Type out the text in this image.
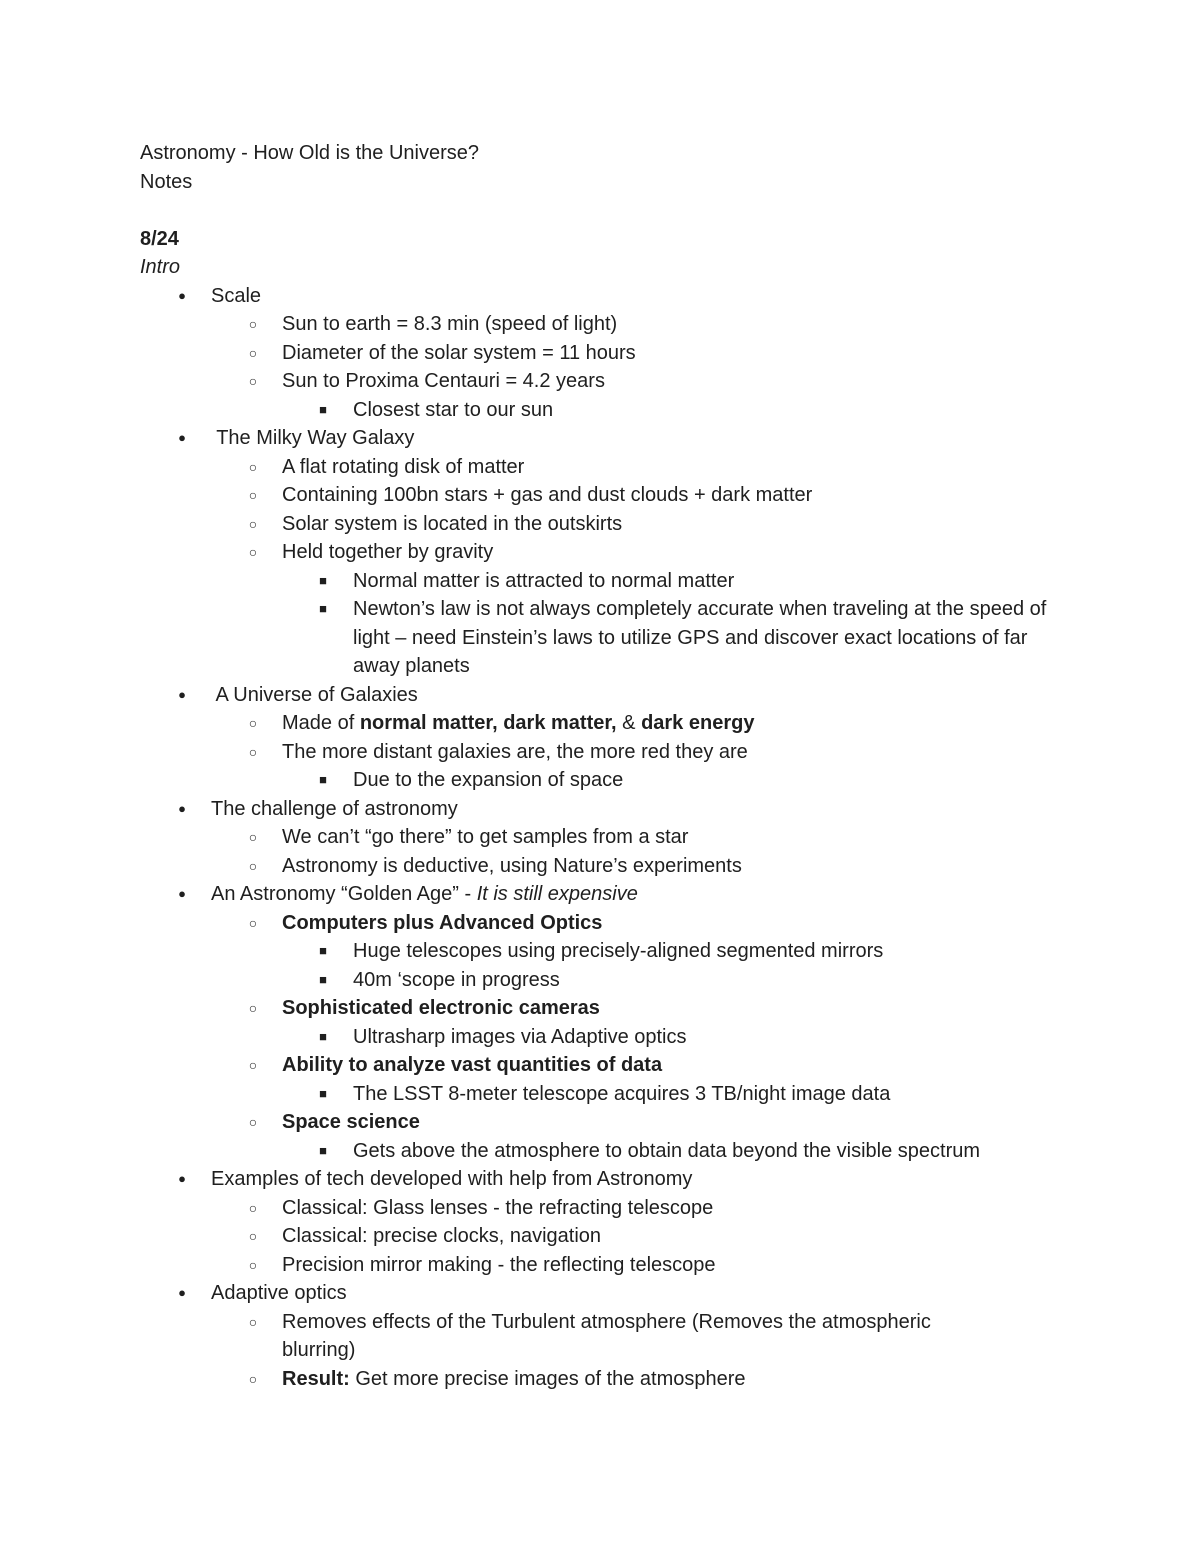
Astronomy - How Old is the Universe?

Notes

8/24

Intro

●	Scale
○ Sun to earth = 8.3 min (speed of light)
○ Diameter of the solar system = 11 hours
○ Sun to Proxima Centauri = 4.2 years
■	Closest star to our sun
●	The Milky Way Galaxy
○ A flat rotating disk of matter
○ Containing 100bn stars + gas and dust clouds + dark matter
○ Solar system is located in the outskirts
○ Held together by gravity
■	Normal matter is attracted to normal matter
■	Newton’s law is not always completely accurate when traveling at the speed of light – need Einstein’s laws to utilize GPS and discover exact locations of far away planets
●	A Universe of Galaxies
○ Made of normal matter, dark matter, & dark energy
○ The more distant galaxies are, the more red they are
■	Due to the expansion of space
●	The challenge of astronomy
○ We can’t “go there” to get samples from a star
○ Astronomy is deductive, using Nature’s experiments
●	An Astronomy “Golden Age” - It is still expensive
○ Computers plus Advanced Optics
■	Huge telescopes using precisely-aligned segmented mirrors
■	40m ‘scope in progress
○ Sophisticated electronic cameras
■	Ultrasharp images via Adaptive optics
○ Ability to analyze vast quantities of data
■	The LSST 8-meter telescope acquires 3 TB/night image data
○ Space science
■	Gets above the atmosphere to obtain data beyond the visible spectrum
●	Examples of tech developed with help from Astronomy
○ Classical: Glass lenses - the refracting telescope
○ Classical: precise clocks, navigation
○ Precision mirror making - the reflecting telescope
●	Adaptive optics
○ Removes effects of the Turbulent atmosphere (Removes the atmospheric blurring)
○ Result: Get more precise images of the atmosphere
